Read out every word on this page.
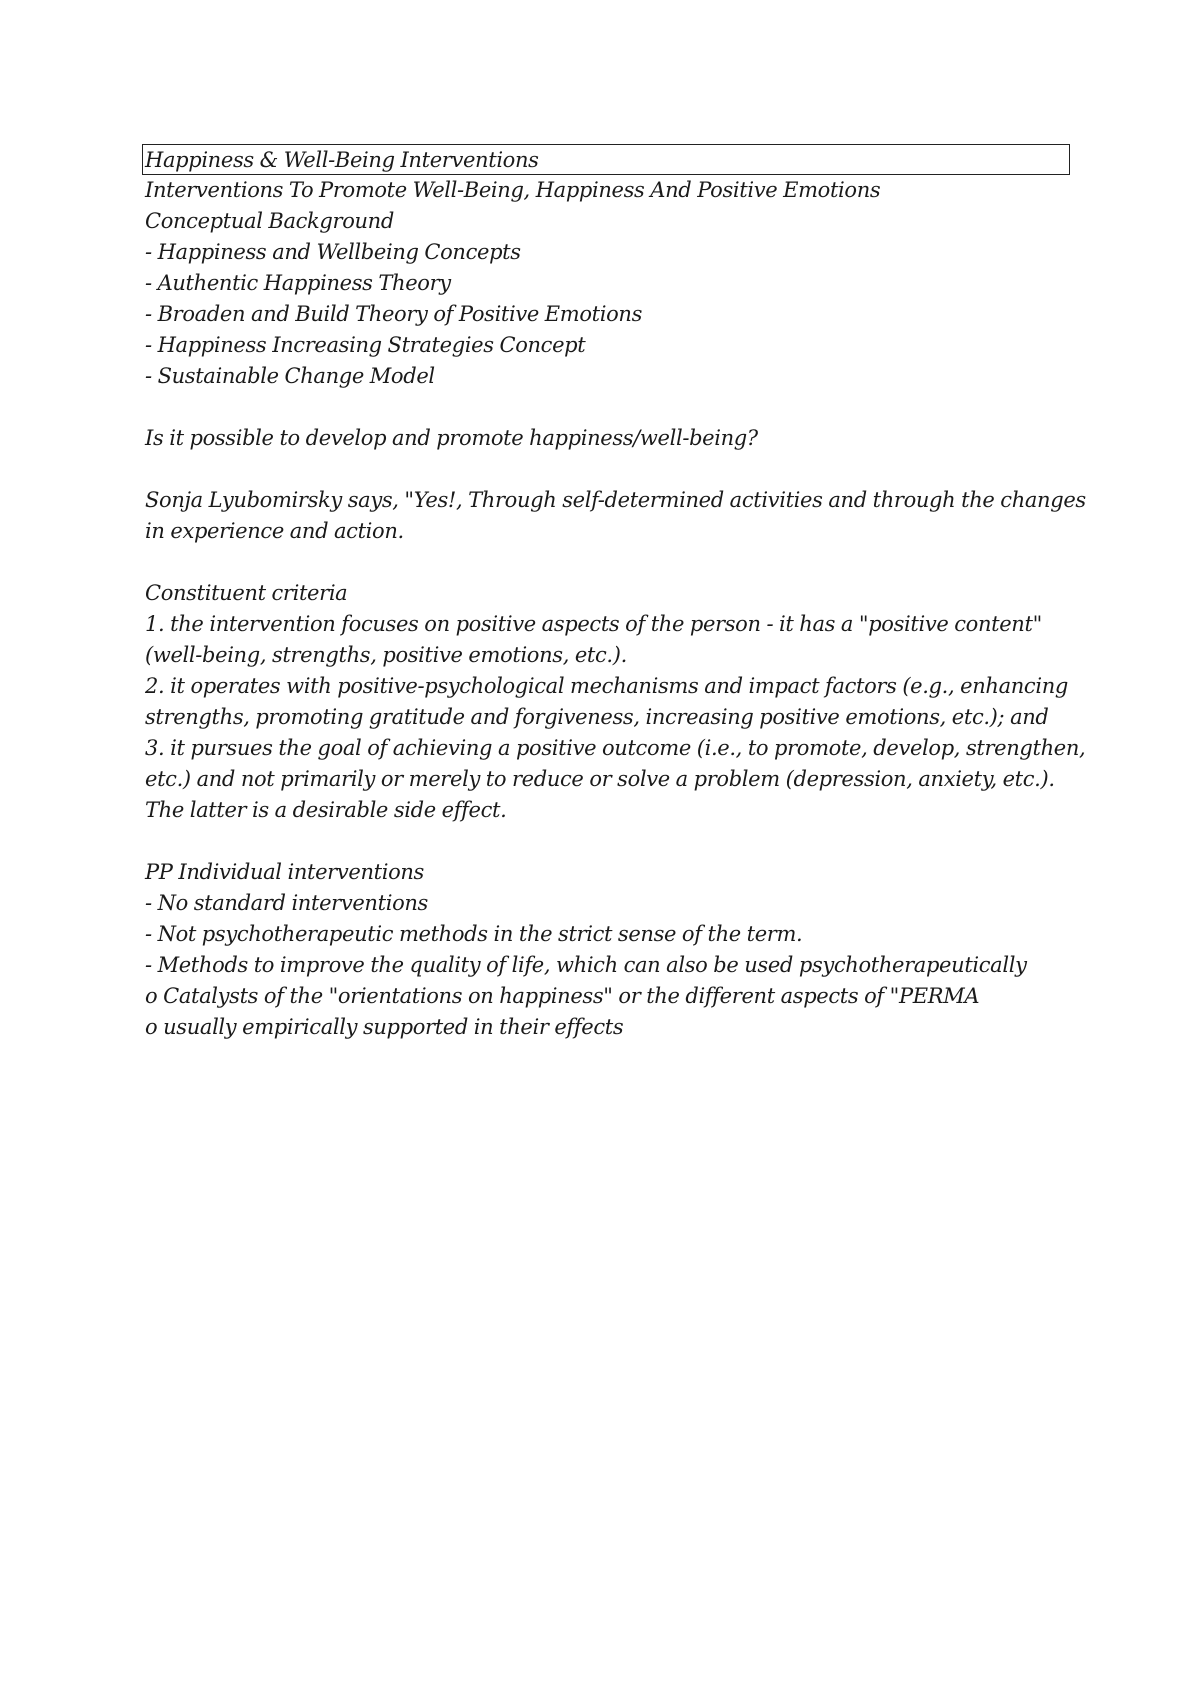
Happiness & Well-Being Interventions
Interventions To Promote Well-Being, Happiness And Positive Emotions
Conceptual Background
- Happiness and Wellbeing Concepts
- Authentic Happiness Theory
- Broaden and Build Theory of Positive Emotions
- Happiness Increasing Strategies Concept
- Sustainable Change Model
Is it possible to develop and promote happiness/well-being?
Sonja Lyubomirsky says, "Yes!, Through self-determined activities and through the changes
in experience and action.
Constituent criteria
1. the intervention focuses on positive aspects of the person - it has a "positive content"
(well-being, strengths, positive emotions, etc.).
2. it operates with positive-psychological mechanisms and impact factors (e.g., enhancing
strengths, promoting gratitude and forgiveness, increasing positive emotions, etc.); and
3. it pursues the goal of achieving a positive outcome (i.e., to promote, develop, strengthen,
etc.) and not primarily or merely to reduce or solve a problem (depression, anxiety, etc.).
The latter is a desirable side effect.
PP Individual interventions
- No standard interventions
- Not psychotherapeutic methods in the strict sense of the term.
- Methods to improve the quality of life, which can also be used psychotherapeutically
o Catalysts of the "orientations on happiness" or the different aspects of "PERMA
o usually empirically supported in their effects
